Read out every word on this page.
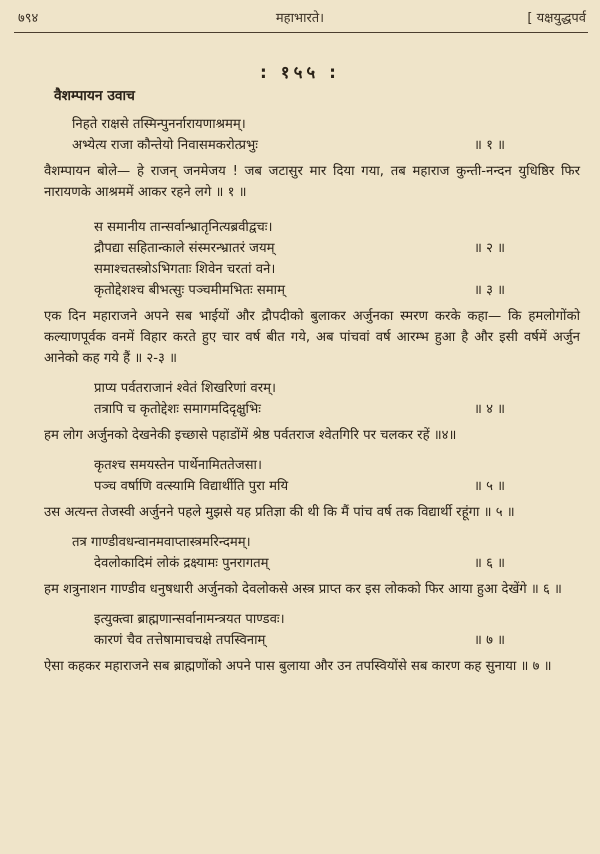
७९४	महाभारते।	[ यक्षयुद्धपर्व
: १५५ :
वैशम्पायन उवाच
निहते राक्षसे तस्मिन्पुनर्नारायणाश्रमम्।
अभ्येत्य राजा कौन्तेयो निवासमकरोत्प्रभुः	॥ १ ॥
वैशम्पायन बोले— हे राजन् जनमेजय ! जब जटासुर मार दिया गया, तब महाराज कुन्ती-नन्दन युधिष्ठिर फिर नारायणके आश्रममें आकर रहने लगे ॥ १ ॥
स समानीय तान्सर्वान्भ्रातृनित्यब्रवीद्वचः।
द्रौपद्या सहितान्काले संस्मरन्भ्रातरं जयम्	॥ २ ॥
समाश्चतस्त्रोऽभिगताः शिवेन चरतां वने।
कृतोद्देशश्च बीभत्सुः पञ्चमीमभितः समाम्	॥ ३ ॥
एक दिन महाराजने अपने सब भाईयों और द्रौपदीको बुलाकर अर्जुनका स्मरण करके कहा— कि हमलोगोंको कल्याणपूर्वक वनमें विहार करते हुए चार वर्ष बीत गये, अब पांचवां वर्ष आरम्भ हुआ है और इसी वर्षमें अर्जुन आनेको कह गये हैं ॥ २-३ ॥
प्राप्य पर्वतराजानं श्वेतं शिखरिणां वरम्।
तत्रापि च कृतोद्देशः समागमदिदृक्षुभिः	॥ ४ ॥
हम लोग अर्जुनको देखनेकी इच्छासे पहाडोंमें श्रेष्ठ पर्वतराज श्वेतगिरि पर चलकर रहें ॥४॥
कृतश्च समयस्तेन पार्थेनामिततेजसा।
पञ्च वर्षाणि वत्स्यामि विद्यार्थीति पुरा मयि	॥ ५ ॥
उस अत्यन्त तेजस्वी अर्जुनने पहले मुझसे यह प्रतिज्ञा की थी कि मैं पांच वर्ष तक विद्यार्थी रहूंगा ॥ ५ ॥
तत्र गाण्डीवधन्वानमवाप्तास्त्रमरिन्दमम्।
देवलोकादिमं लोकं द्रक्ष्यामः पुनरागतम्	॥ ६ ॥
हम शत्रुनाशन गाण्डीव धनुषधारी अर्जुनको देवलोकसे अस्त्र प्राप्त कर इस लोकको फिर आया हुआ देखेंगे ॥ ६ ॥
इत्युक्त्वा ब्राह्मणान्सर्वानामन्त्रयत पाण्डवः।
कारणं चैव तत्तेषामाचचक्षे तपस्विनाम्	॥ ७ ॥
ऐसा कहकर महाराजने सब ब्राह्मणोंको अपने पास बुलाया और उन तपस्वियोंसे सब कारण कह सुनाया ॥ ७ ॥
